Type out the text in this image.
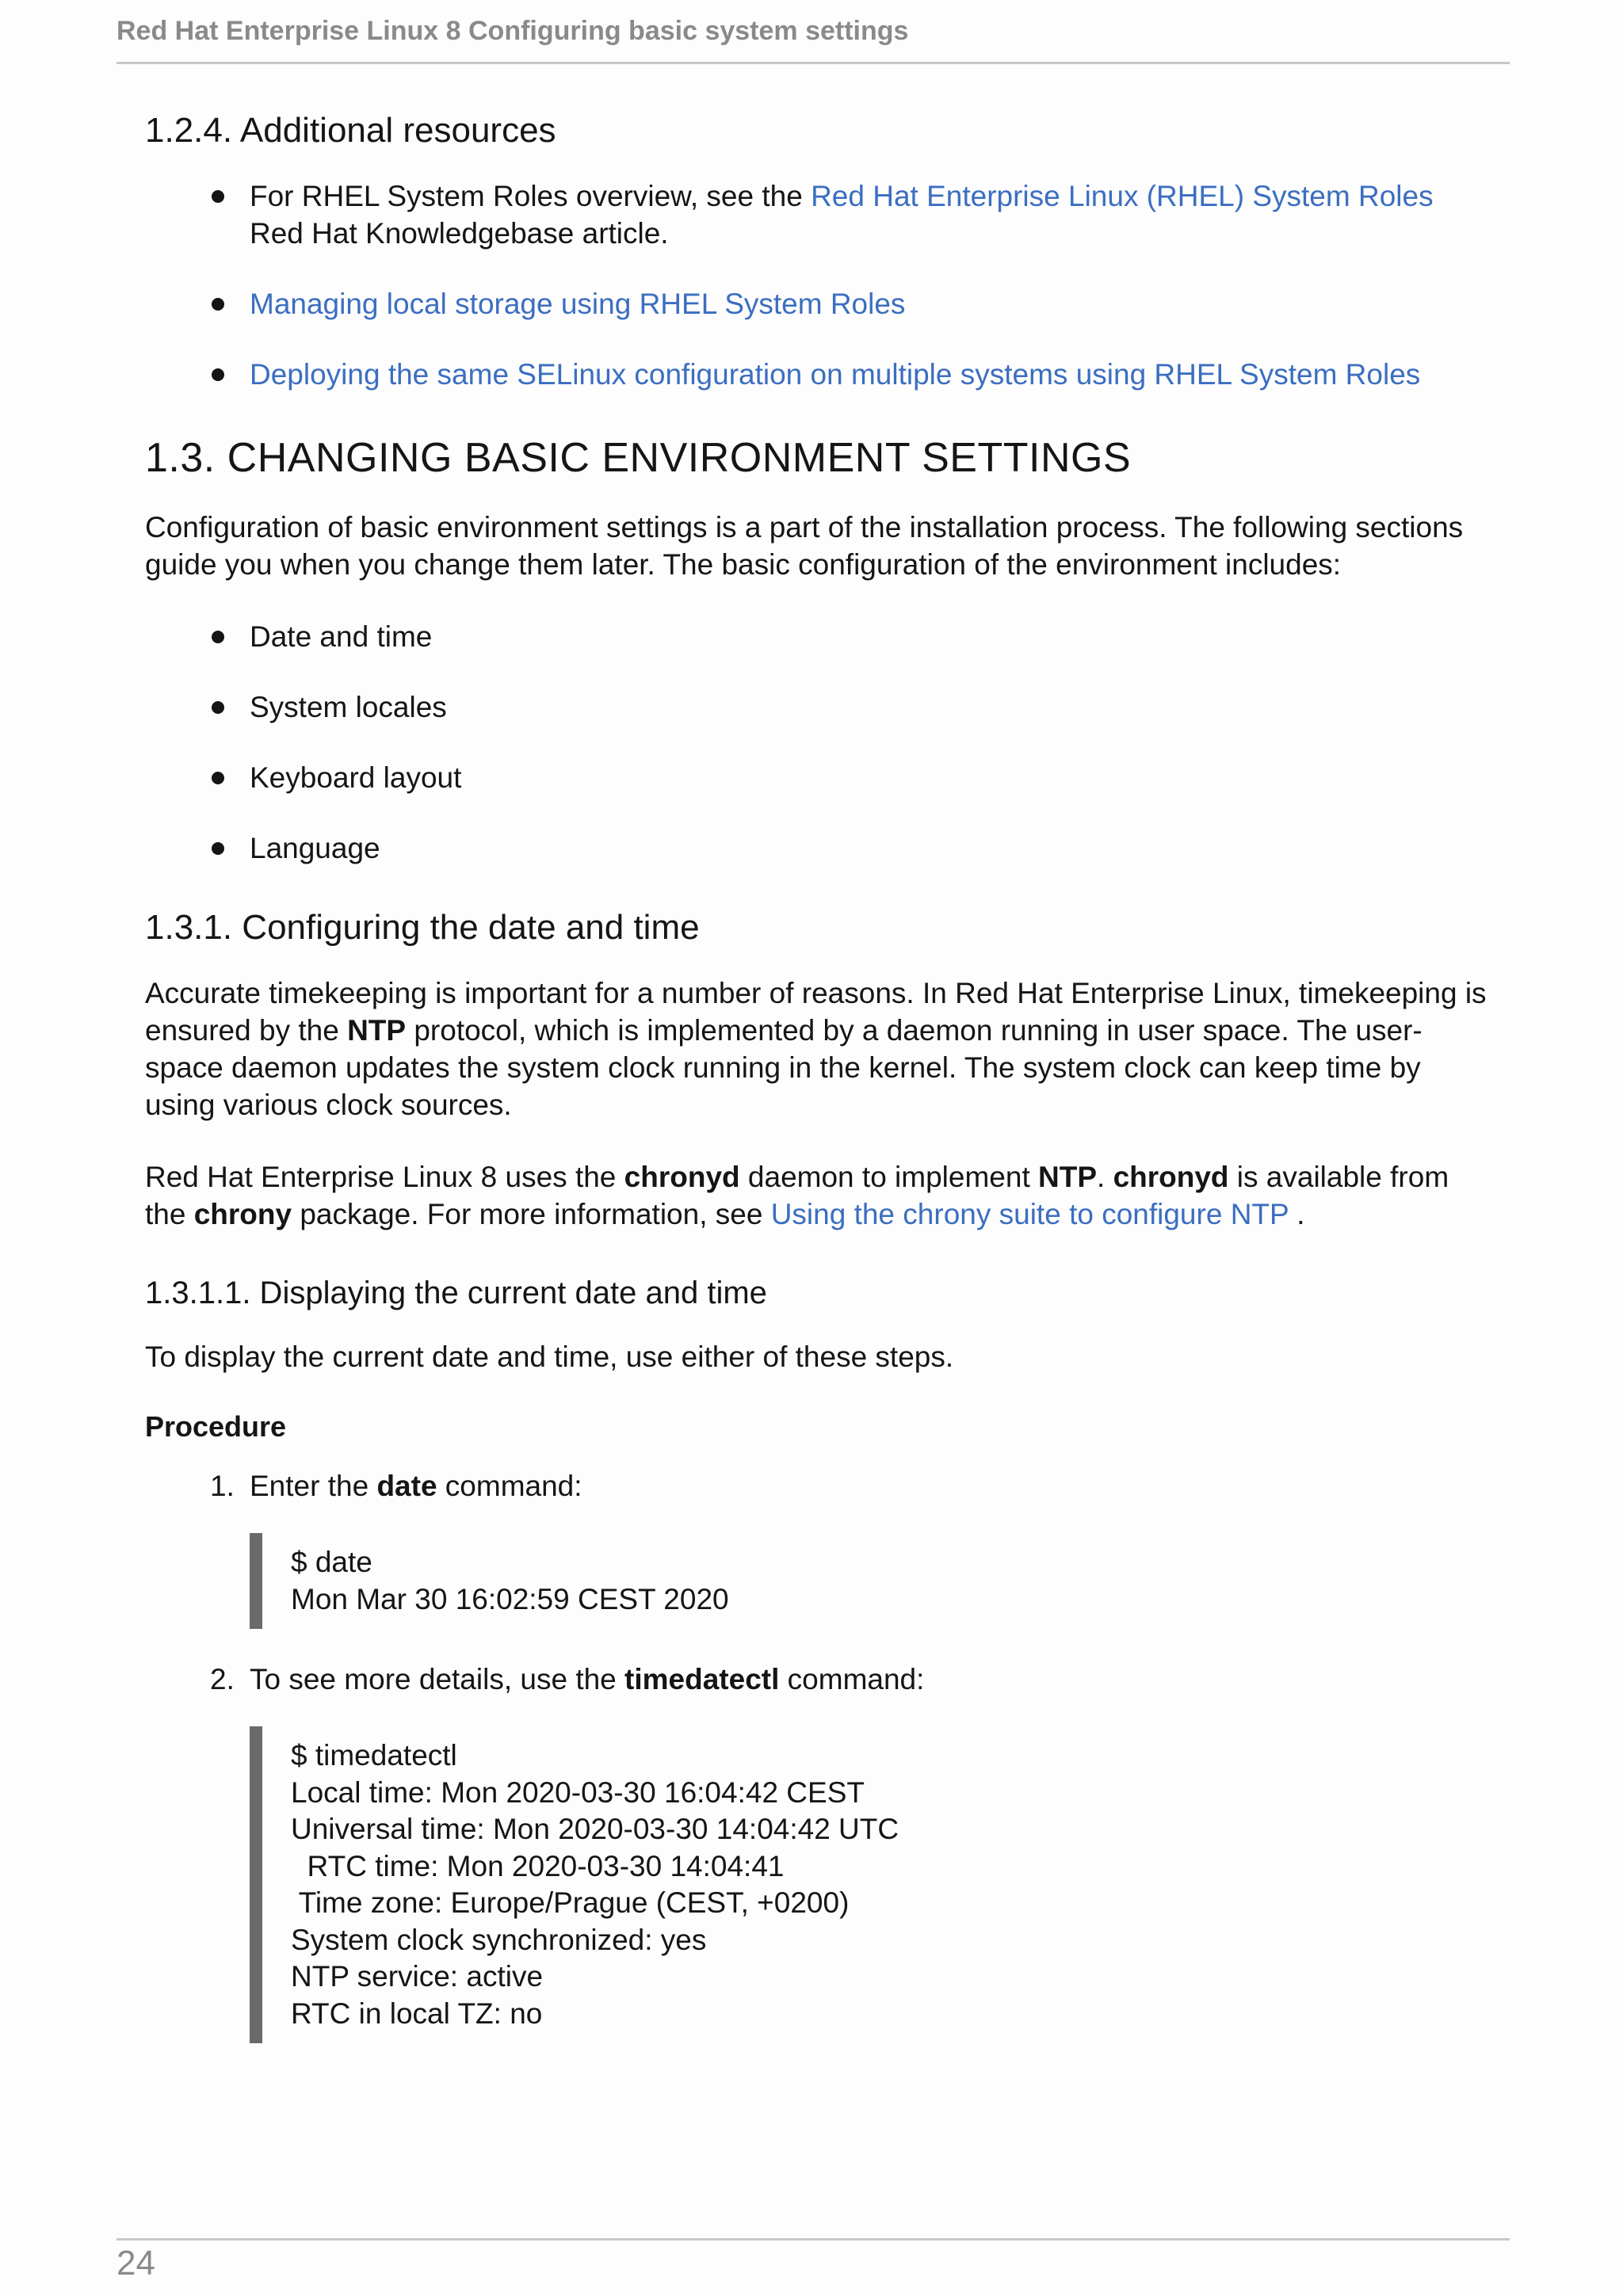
Red Hat Enterprise Linux 8 Configuring basic system settings
1.2.4. Additional resources
For RHEL System Roles overview, see the Red Hat Enterprise Linux (RHEL) System Roles
Red Hat Knowledgebase article.
Managing local storage using RHEL System Roles
Deploying the same SELinux configuration on multiple systems using RHEL System Roles
1.3. CHANGING BASIC ENVIRONMENT SETTINGS

Configuration of basic environment settings is a part of the installation process. The following sections guide you when you change them later. The basic configuration of the environment includes:

Date and time
System locales
Keyboard layout
Language
1.3.1. Configuring the date and time

Accurate timekeeping is important for a number of reasons. In Red Hat Enterprise Linux, timekeeping is ensured by the NTP protocol, which is implemented by a daemon running in user space. The user-space daemon updates the system clock running in the kernel. The system clock can keep time by using various clock sources.

Red Hat Enterprise Linux 8 uses the chronyd daemon to implement NTP. chronyd is available from the chrony package. For more information, see Using the chrony suite to configure NTP .

1.3.1.1. Displaying the current date and time

To display the current date and time, use either of these steps.

Procedure
1. Enter the date command:
$ date
Mon Mar 30 16:02:59 CEST 2020
2. To see more details, use the timedatectl command:
$ timedatectl
Local time: Mon 2020-03-30 16:04:42 CEST
Universal time: Mon 2020-03-30 14:04:42 UTC
RTC time: Mon 2020-03-30 14:04:41
Time zone: Europe/Prague (CEST, +0200)
System clock synchronized: yes
NTP service: active
RTC in local TZ: no
24
